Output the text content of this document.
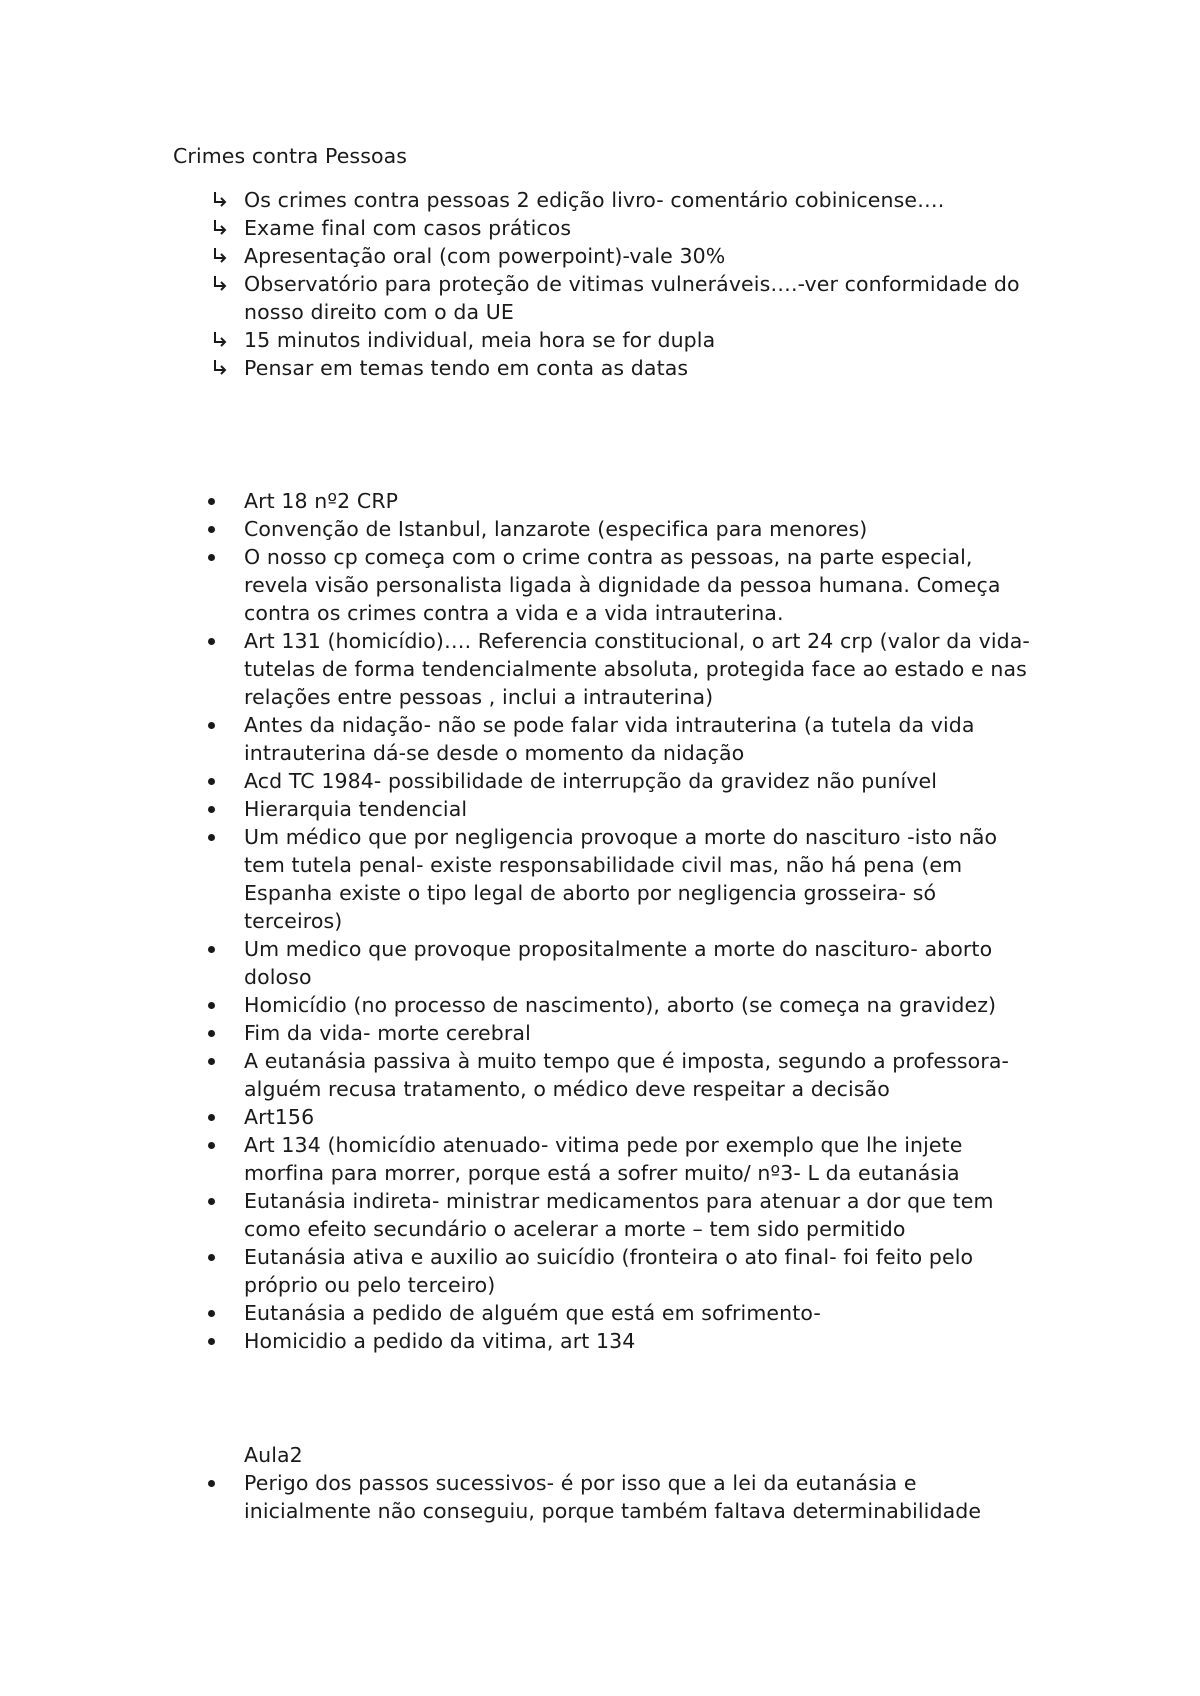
Crimes contra Pessoas
Os crimes contra pessoas 2 edição livro- comentário cobinicense….
Exame final com casos práticos
Apresentação oral (com powerpoint)-vale 30%
Observatório para proteção de vitimas vulneráveis….-ver conformidade do nosso direito com o da UE
15 minutos individual, meia hora se for dupla
Pensar em temas tendo em conta as datas
Art 18 nº2 CRP
Convenção de Istanbul, lanzarote (especifica para menores)
O nosso cp começa com o crime contra as pessoas, na parte especial, revela visão personalista ligada à dignidade da pessoa humana. Começa contra os crimes contra a vida e a vida intrauterina.
Art 131 (homicídio)…. Referencia constitucional, o art 24 crp (valor da vida-tutelas de forma tendencialmente absoluta, protegida face ao estado e nas relações entre pessoas , inclui a intrauterina)
Antes da nidação- não se pode falar vida intrauterina (a tutela da vida intrauterina dá-se desde o momento da nidação
Acd TC 1984- possibilidade de interrupção da gravidez não punível
Hierarquia tendencial
Um médico que por negligencia provoque a morte do nascituro -isto não tem tutela penal- existe responsabilidade civil mas, não há pena (em Espanha existe o tipo legal de aborto por negligencia grosseira- só terceiros)
Um medico que provoque propositalmente a morte do nascituro- aborto doloso
Homicídio (no processo de nascimento), aborto (se começa na gravidez)
Fim da vida- morte cerebral
A eutanásia passiva à muito tempo que é imposta, segundo a professora- alguém recusa tratamento, o médico deve respeitar a decisão
Art156
Art 134 (homicídio atenuado- vitima pede por exemplo que lhe injete morfina para morrer, porque está a sofrer muito/ nº3- L da eutanásia
Eutanásia indireta- ministrar medicamentos para atenuar a dor que tem como efeito secundário o acelerar a morte – tem sido permitido
Eutanásia ativa e auxilio ao suicídio (fronteira o ato final- foi feito pelo próprio ou pelo terceiro)
Eutanásia a pedido de alguém que está em sofrimento-
Homicidio a pedido da vitima, art 134

Aula2

Perigo dos passos sucessivos- é por isso que a lei da eutanásia e inicialmente não conseguiu, porque também faltava determinabilidade
